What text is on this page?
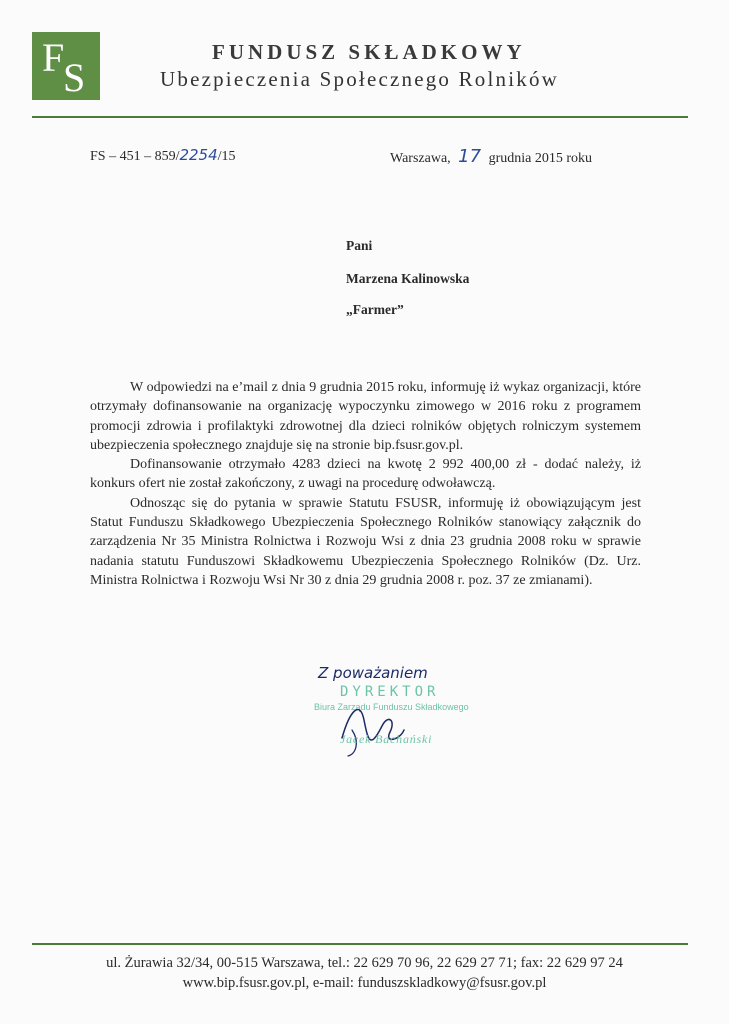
F
S
FUNDUSZ SKŁADKOWY
Ubezpieczenia Społecznego Rolników
FS – 451 – 859/2254/15	Warszawa, 17 grudnia 2015 roku
Pani
Marzena Kalinowska
„Farmer”

W odpowiedzi na e’mail z dnia 9 grudnia 2015 roku, informuję iż wykaz organizacji, które otrzymały dofinansowanie na organizację wypoczynku zimowego w 2016 roku z programem promocji zdrowia i profilaktyki zdrowotnej dla dzieci rolników objętych rolniczym systemem ubezpieczenia społecznego znajduje się na stronie bip.fsusr.gov.pl.

Dofinansowanie otrzymało 4283 dzieci na kwotę 2 992 400,00 zł - dodać należy, iż konkurs ofert nie został zakończony, z uwagi na procedurę odwoławczą.

Odnosząc się do pytania w sprawie Statutu FSUSR, informuję iż obowiązującym jest Statut Funduszu Składkowego Ubezpieczenia Społecznego Rolników stanowiący załącznik do zarządzenia Nr 35 Ministra Rolnictwa i Rozwoju Wsi z dnia 23 grudnia 2008 roku w sprawie nadania statutu Funduszowi Składkowemu Ubezpieczenia Społecznego Rolników (Dz. Urz. Ministra Rolnictwa i Rozwoju Wsi Nr 30 z dnia 29 grudnia 2008 r. poz. 37 ze zmianami).

Z poważaniem
DYREKTOR
Biura Zarządu Funduszu Składkowego
Jacek Bachański
ul. Żurawia 32/34, 00-515 Warszawa, tel.: 22 629 70 96, 22 629 27 71; fax: 22 629 97 24
www.bip.fsusr.gov.pl, e-mail: funduszskladkowy@fsusr.gov.pl
